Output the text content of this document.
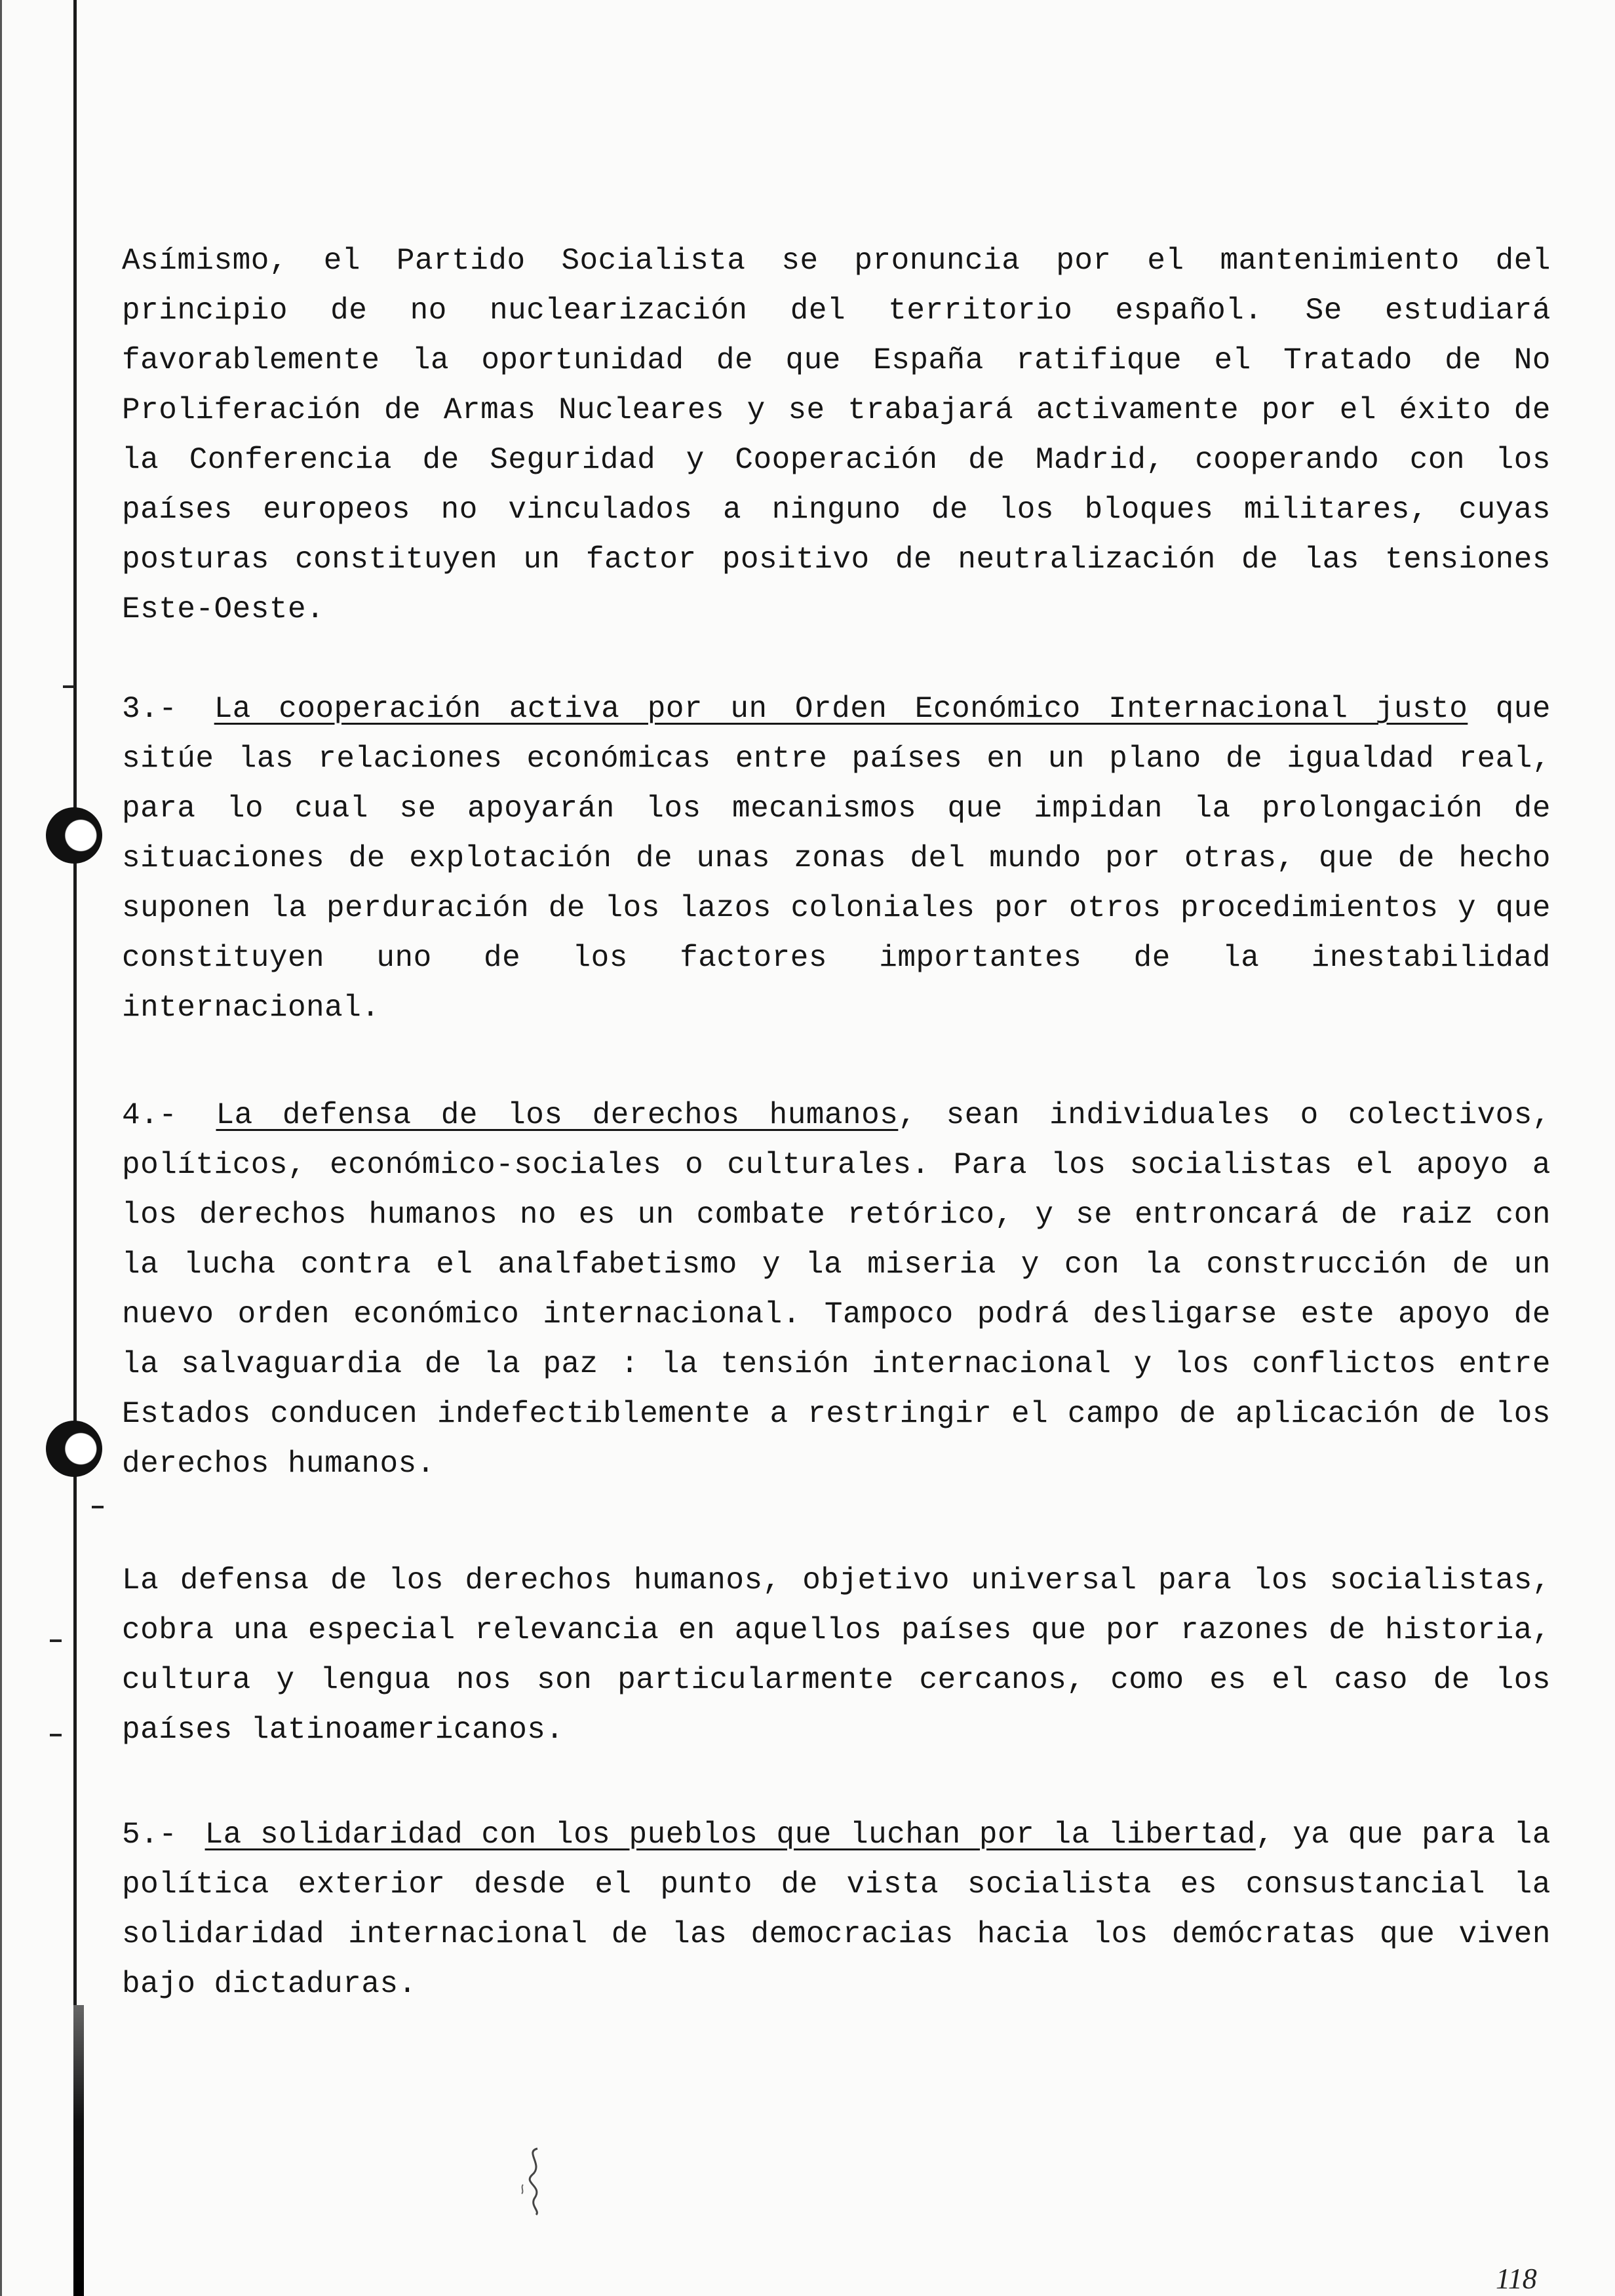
Asímismo, el Partido Socialista se pronuncia por el mantenimiento del principio de no nuclearización del territorio español. Se estudiará favorablemente la oportunidad de que España ratifique el Tratado de No Proliferación de Armas Nucleares y se trabajará activamente por el éxito de la Conferencia de Seguridad y Cooperación de Madrid, cooperando con los países europeos no vinculados a ninguno de los bloques militares, cuyas posturas constituyen un factor positivo de neutralización de las tensiones Este-Oeste.

3.- La cooperación activa por un Orden Económico Internacional justo que sitúe las relaciones económicas entre países en un plano de igualdad real, para lo cual se apoyarán los mecanismos que impidan la prolongación de situaciones de explotación de unas zonas del mundo por otras, que de hecho suponen la perduración de los lazos coloniales por otros procedimientos y que constituyen uno de los factores importantes de la inestabilidad internacional.

4.- La defensa de los derechos humanos, sean individuales o colectivos, políticos, económico-sociales o culturales. Para los socialistas el apoyo a los derechos humanos no es un combate retórico, y se entroncará de raiz con la lucha contra el analfabetismo y la miseria y con la construcción de un nuevo orden económico internacional. Tampoco podrá desligarse este apoyo de la salvaguardia de la paz : la tensión internacional y los conflictos entre Estados conducen indefectiblemente a restringir el campo de aplicación de los derechos humanos.

La defensa de los derechos humanos, objetivo universal para los socialistas, cobra una especial relevancia en aquellos países que por razones de historia, cultura y lengua nos son particularmente cercanos, como es el caso de los países latinoamericanos.

5.- La solidaridad con los pueblos que luchan por la libertad, ya que para la política exterior desde el punto de vista socialista es consustancial la solidaridad internacional de las democracias hacia los demócratas que viven bajo dictaduras.

118
